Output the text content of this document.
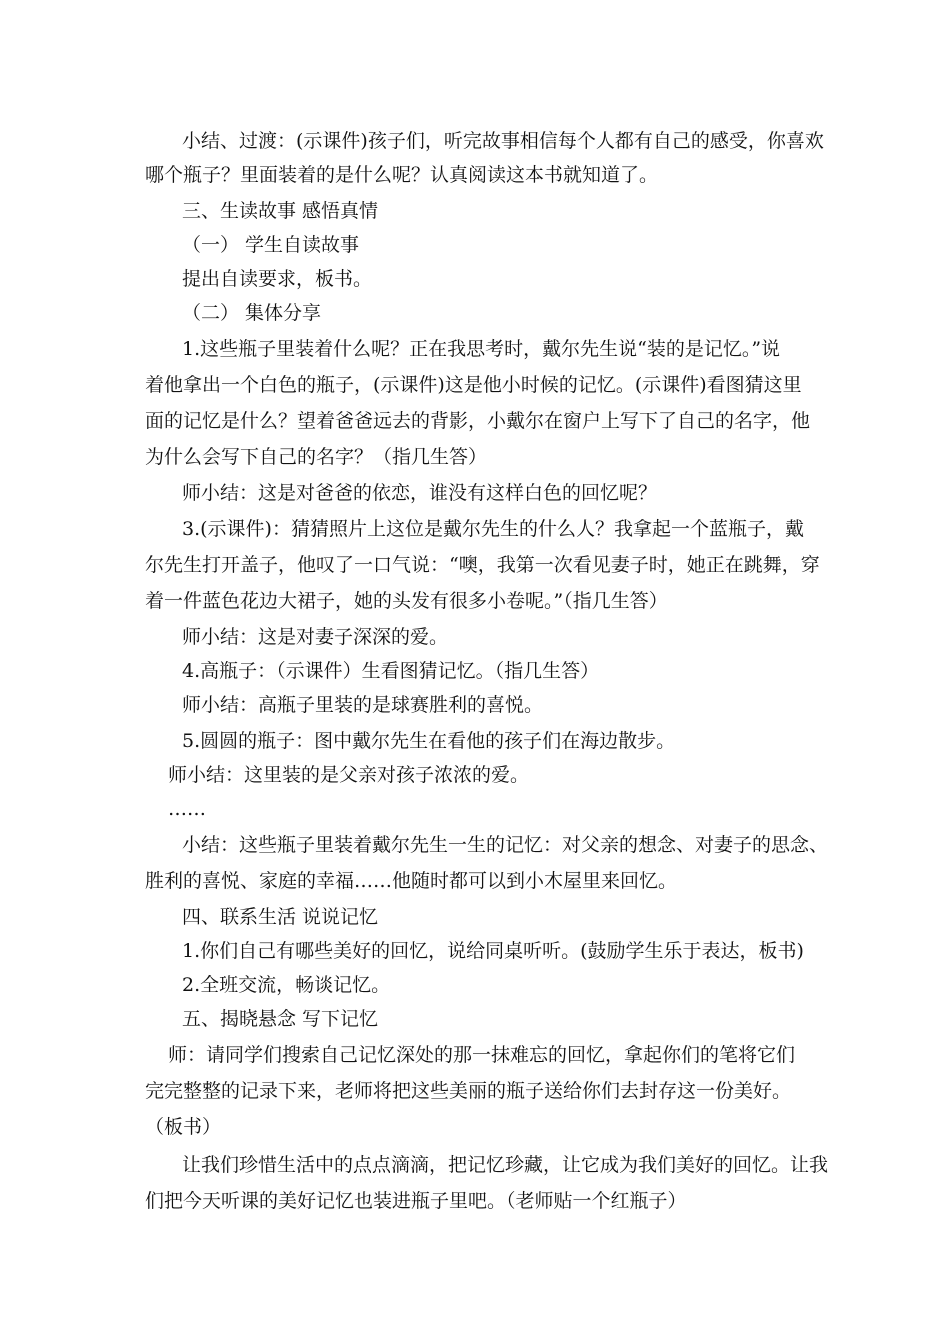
小结、过渡：(示课件)孩子们，听完故事相信每个人都有自己的感受，你喜欢

哪个瓶子？里面装着的是什么呢？认真阅读这本书就知道了。

三、生读故事 感悟真情

（一） 学生自读故事

提出自读要求，板书。

（二） 集体分享

1.这些瓶子里装着什么呢？正在我思考时，戴尔先生说“装的是记忆。”说

着他拿出一个白色的瓶子，(示课件)这是他小时候的记忆。(示课件)看图猜这里

面的记忆是什么？望着爸爸远去的背影，小戴尔在窗户上写下了自己的名字，他

为什么会写下自己的名字？（指几生答）

师小结：这是对爸爸的依恋，谁没有这样白色的回忆呢？

3.(示课件)：猜猜照片上这位是戴尔先生的什么人？我拿起一个蓝瓶子，戴

尔先生打开盖子，他叹了一口气说：“噢，我第一次看见妻子时，她正在跳舞，穿

着一件蓝色花边大裙子，她的头发有很多小卷呢。”（指几生答）

师小结：这是对妻子深深的爱。

4.高瓶子：（示课件）生看图猜记忆。（指几生答）

师小结：高瓶子里装的是球赛胜利的喜悦。

5.圆圆的瓶子：图中戴尔先生在看他的孩子们在海边散步。

师小结：这里装的是父亲对孩子浓浓的爱。

……

小结：这些瓶子里装着戴尔先生一生的记忆：对父亲的想念、对妻子的思念、

胜利的喜悦、家庭的幸福……他随时都可以到小木屋里来回忆。

四、联系生活 说说记忆

1.你们自己有哪些美好的回忆，说给同桌听听。(鼓励学生乐于表达，板书)

2.全班交流，畅谈记忆。

五、揭晓悬念 写下记忆

师：请同学们搜索自己记忆深处的那一抹难忘的回忆，拿起你们的笔将它们

完完整整的记录下来，老师将把这些美丽的瓶子送给你们去封存这一份美好。

（板书）

让我们珍惜生活中的点点滴滴，把记忆珍藏，让它成为我们美好的回忆。让我

们把今天听课的美好记忆也装进瓶子里吧。（老师贴一个红瓶子）
